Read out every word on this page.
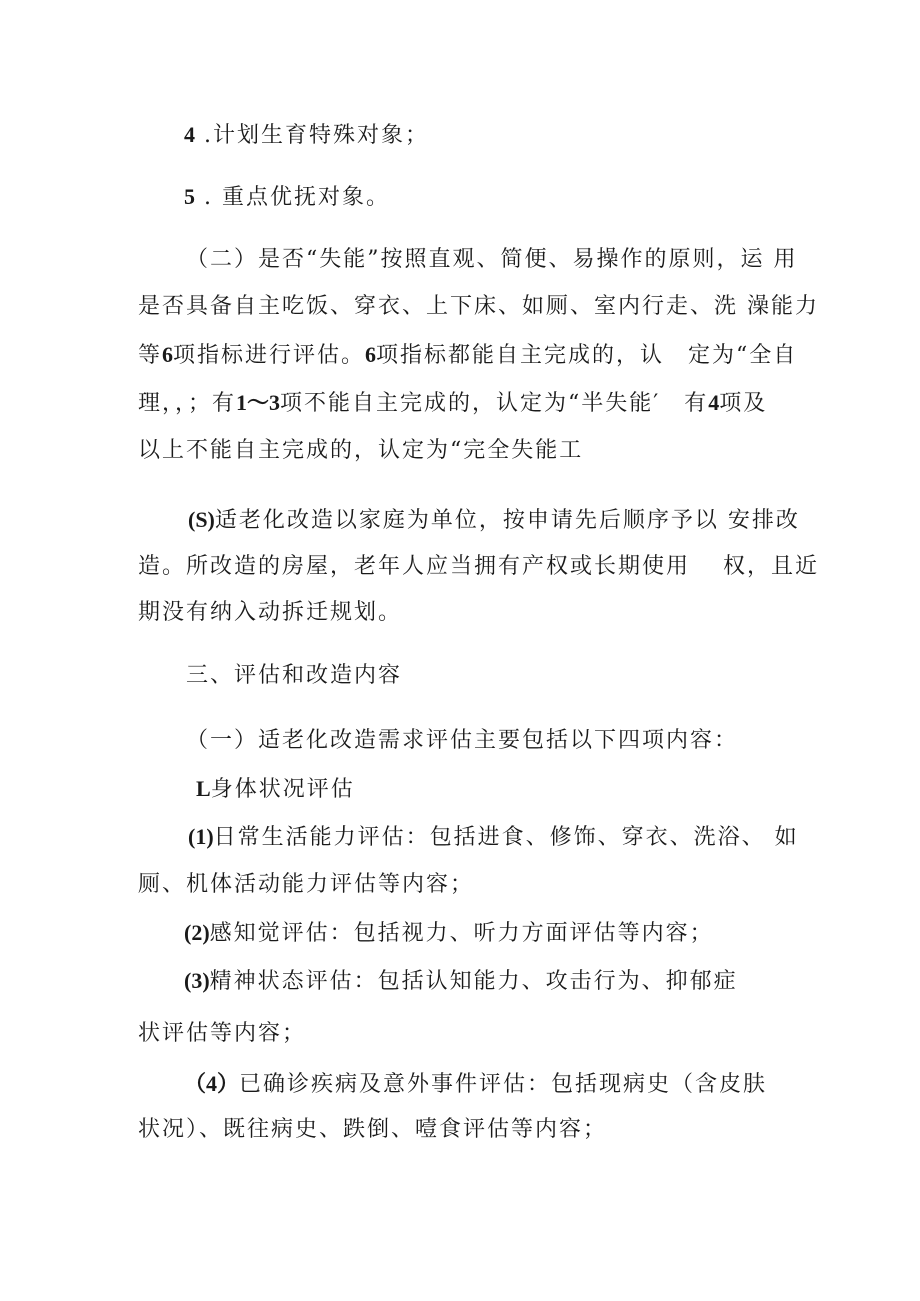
4 .计划生育特殊对象；
5 . 重点优抚对象。
（二）是否“失能”按照直观、简便、易操作的原则，运 用
是否具备自主吃饭、穿衣、上下床、如厕、室内行走、洗 澡能力
等6项指标进行评估。6项指标都能自主完成的，认　定为“全自
理，，；有1～3项不能自主完成的，认定为“半失能′　有4项及
以上不能自主完成的，认定为“完全失能工
(S)适老化改造以家庭为单位，按申请先后顺序予以 安排改
造。所改造的房屋，老年人应当拥有产权或长期使用　 权，且近
期没有纳入动拆迁规划。
三、评估和改造内容
（一）适老化改造需求评估主要包括以下四项内容：
L身体状况评估
(1)日常生活能力评估：包括进食、修饰、穿衣、洗浴、 如
厕、机体活动能力评估等内容；
(2)感知觉评估：包括视力、听力方面评估等内容；
(3)精神状态评估：包括认知能力、攻击行为、抑郁症
状评估等内容；
（4）已确诊疾病及意外事件评估：包括现病史（含皮肤
状况）、既往病史、跌倒、噎食评估等内容；
